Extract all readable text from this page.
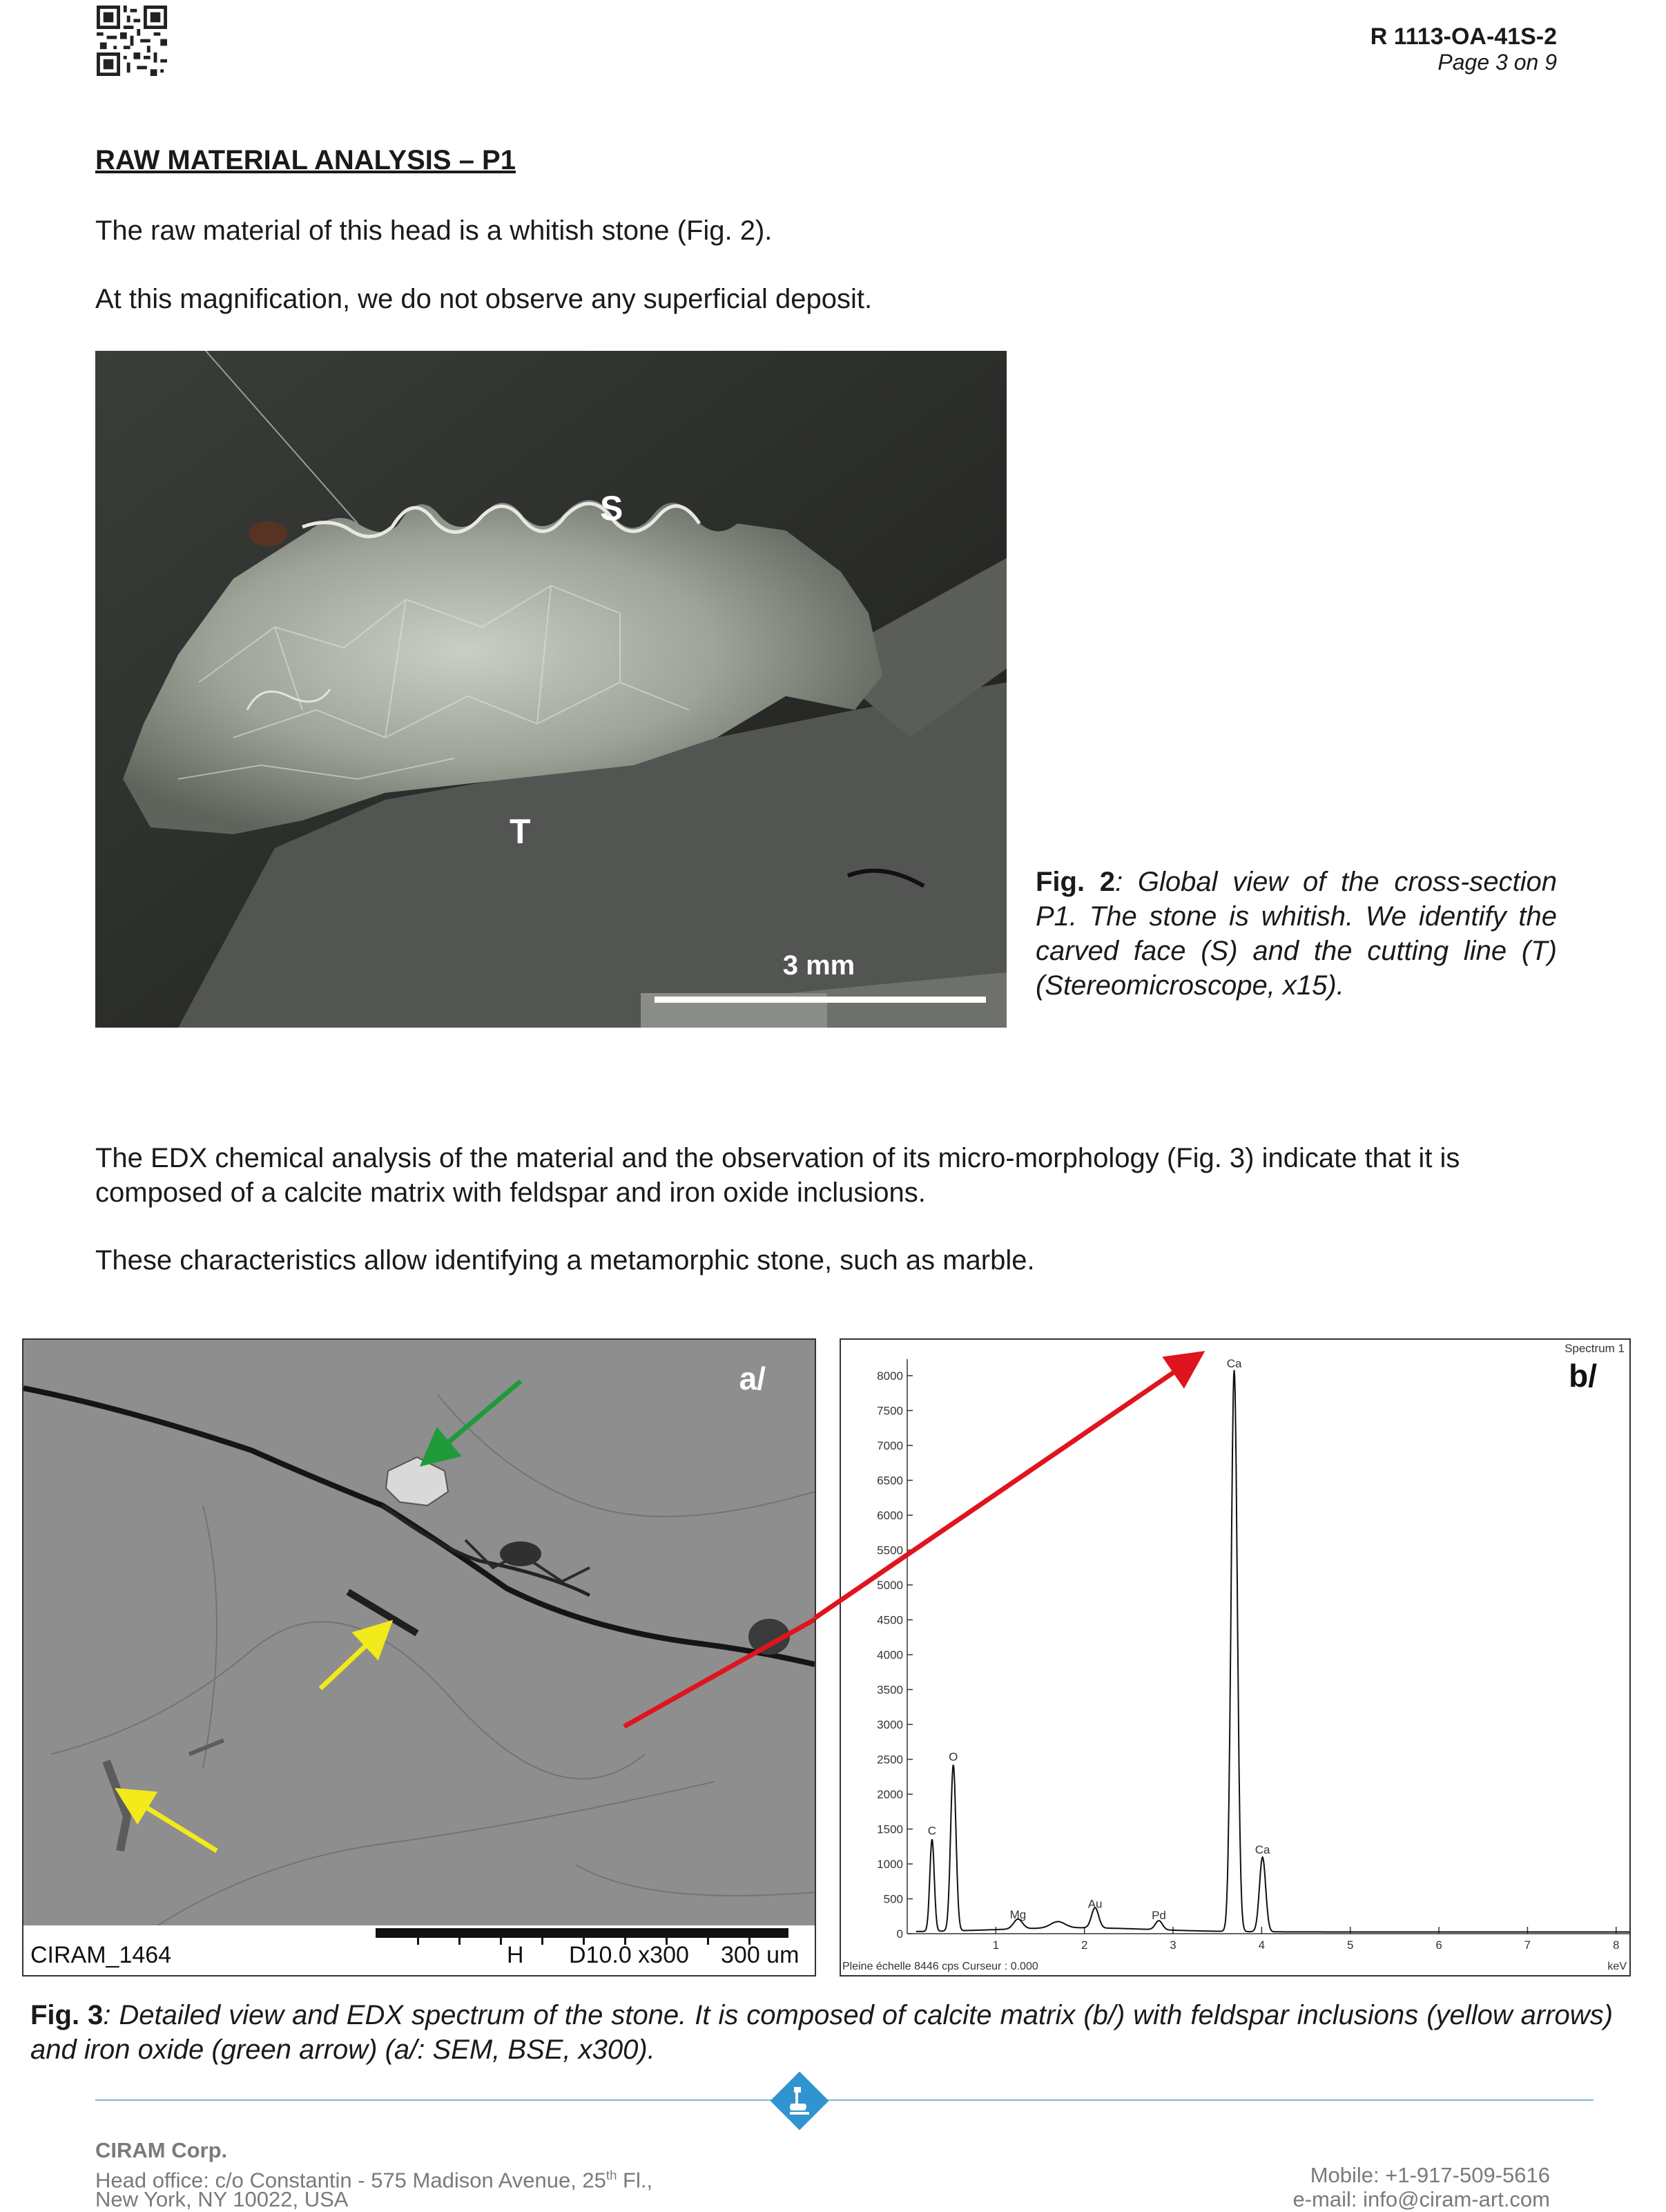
R 1113-OA-41S-2
Page 3 on 9
RAW MATERIAL ANALYSIS – P1
The raw material of this head is a whitish stone (Fig. 2).
At this magnification, we do not observe any superficial deposit.
S
T
3 mm
Fig. 2: Global view of the cross-section P1. The stone is whitish. We identify the carved face (S) and the cutting line (T) (Stereomicroscope, x15).
The EDX chemical analysis of the material and the observation of its micro-morphology (Fig. 3) indicate that it is composed of a calcite matrix with feldspar and iron oxide inclusions.
These characteristics allow identifying a metamorphic stone, such as marble.
a/
CIRAM_1464	H D10.0 x300 300 um
Spectrum 1
b/
0
500
1000
1500
2000
2500
3000
3500
4000
4500
5000
5500
6000
6500
7000
7500
8000
1	2	3	4	5	6	7	8
C
O
Mg
Au
Pd
Ca
Ca
keV
Pleine échelle 8446 cps Curseur : 0.000
Fig. 3: Detailed view and EDX spectrum of the stone. It is composed of calcite matrix (b/) with feldspar inclusions (yellow arrows) and iron oxide (green arrow) (a/: SEM, BSE, x300).
CIRAM Corp.
Head office: c/o Constantin - 575 Madison Avenue, 25th Fl.,
New York, NY 10022, USA
Mobile: +1-917-509-5616
e-mail: info@ciram-art.com
